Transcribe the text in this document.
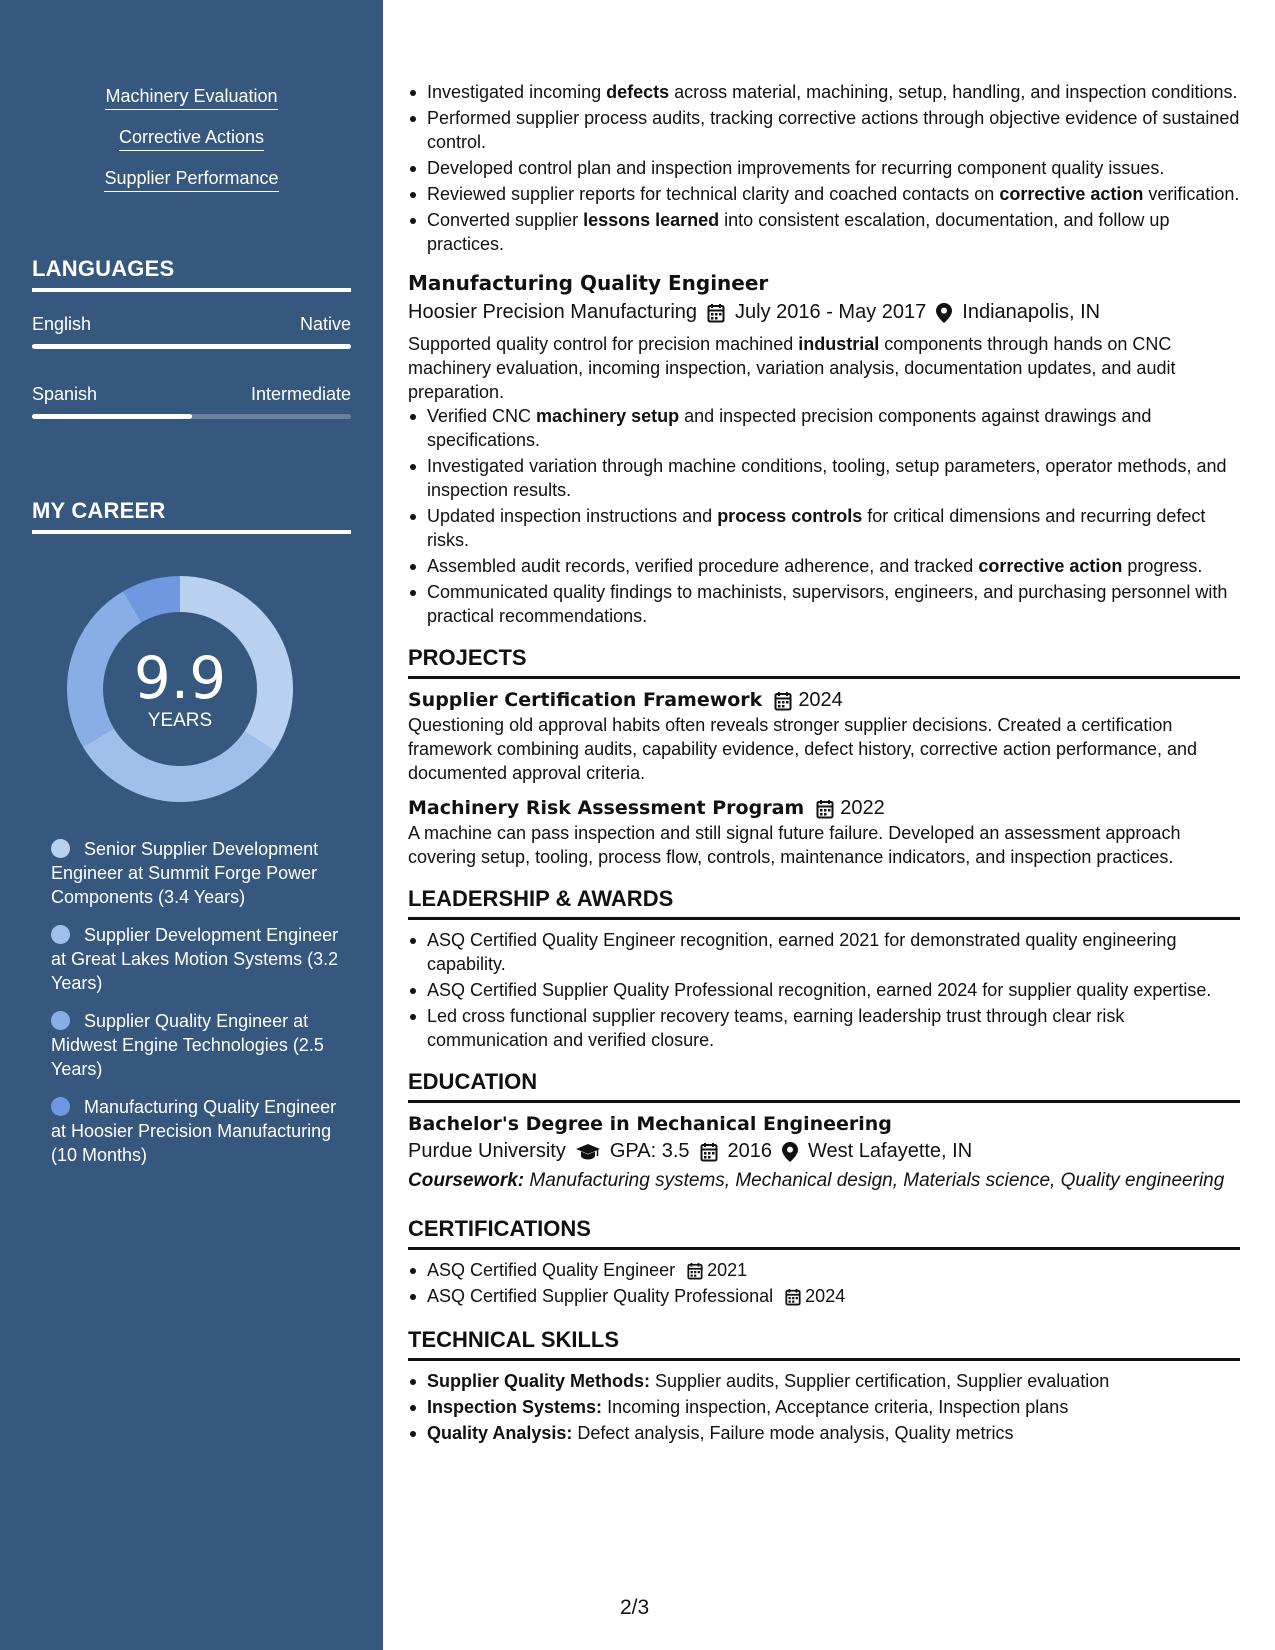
Machinery Evaluation
Corrective Actions
Supplier Performance
LANGUAGES
English	Native
Spanish	Intermediate
MY CAREER
9.9
YEARS
Senior Supplier Development Engineer at Summit Forge Power Components (3.4 Years)
Supplier Development Engineer at Great Lakes Motion Systems (3.2 Years)
Supplier Quality Engineer at Midwest Engine Technologies (2.5 Years)
Manufacturing Quality Engineer at Hoosier Precision Manufacturing (10 Months)
Investigated incoming defects across material, machining, setup, handling, and inspection conditions.
Performed supplier process audits, tracking corrective actions through objective evidence of sustained control.
Developed control plan and inspection improvements for recurring component quality issues.
Reviewed supplier reports for technical clarity and coached contacts on corrective action verification.
Converted supplier lessons learned into consistent escalation, documentation, and follow up practices.
Manufacturing Quality Engineer
Hoosier Precision Manufacturing July 2016 - May 2017 Indianapolis, IN
Supported quality control for precision machined industrial components through hands on CNC machinery evaluation, incoming inspection, variation analysis, documentation updates, and audit preparation.
Verified CNC machinery setup and inspected precision components against drawings and specifications.
Investigated variation through machine conditions, tooling, setup parameters, operator methods, and inspection results.
Updated inspection instructions and process controls for critical dimensions and recurring defect risks.
Assembled audit records, verified procedure adherence, and tracked corrective action progress.
Communicated quality findings to machinists, supervisors, engineers, and purchasing personnel with practical recommendations.
PROJECTS
Supplier Certification Framework 2024
Questioning old approval habits often reveals stronger supplier decisions. Created a certification framework combining audits, capability evidence, defect history, corrective action performance, and documented approval criteria.
Machinery Risk Assessment Program 2022
A machine can pass inspection and still signal future failure. Developed an assessment approach covering setup, tooling, process flow, controls, maintenance indicators, and inspection practices.
LEADERSHIP & AWARDS
ASQ Certified Quality Engineer recognition, earned 2021 for demonstrated quality engineering capability.
ASQ Certified Supplier Quality Professional recognition, earned 2024 for supplier quality expertise.
Led cross functional supplier recovery teams, earning leadership trust through clear risk communication and verified closure.
EDUCATION
Bachelor's Degree in Mechanical Engineering
Purdue University GPA: 3.5 2016 West Lafayette, IN
Coursework: Manufacturing systems, Mechanical design, Materials science, Quality engineering
CERTIFICATIONS
ASQ Certified Quality Engineer 2021
ASQ Certified Supplier Quality Professional 2024
TECHNICAL SKILLS
Supplier Quality Methods: Supplier audits, Supplier certification, Supplier evaluation
Inspection Systems: Incoming inspection, Acceptance criteria, Inspection plans
Quality Analysis: Defect analysis, Failure mode analysis, Quality metrics
2/3
